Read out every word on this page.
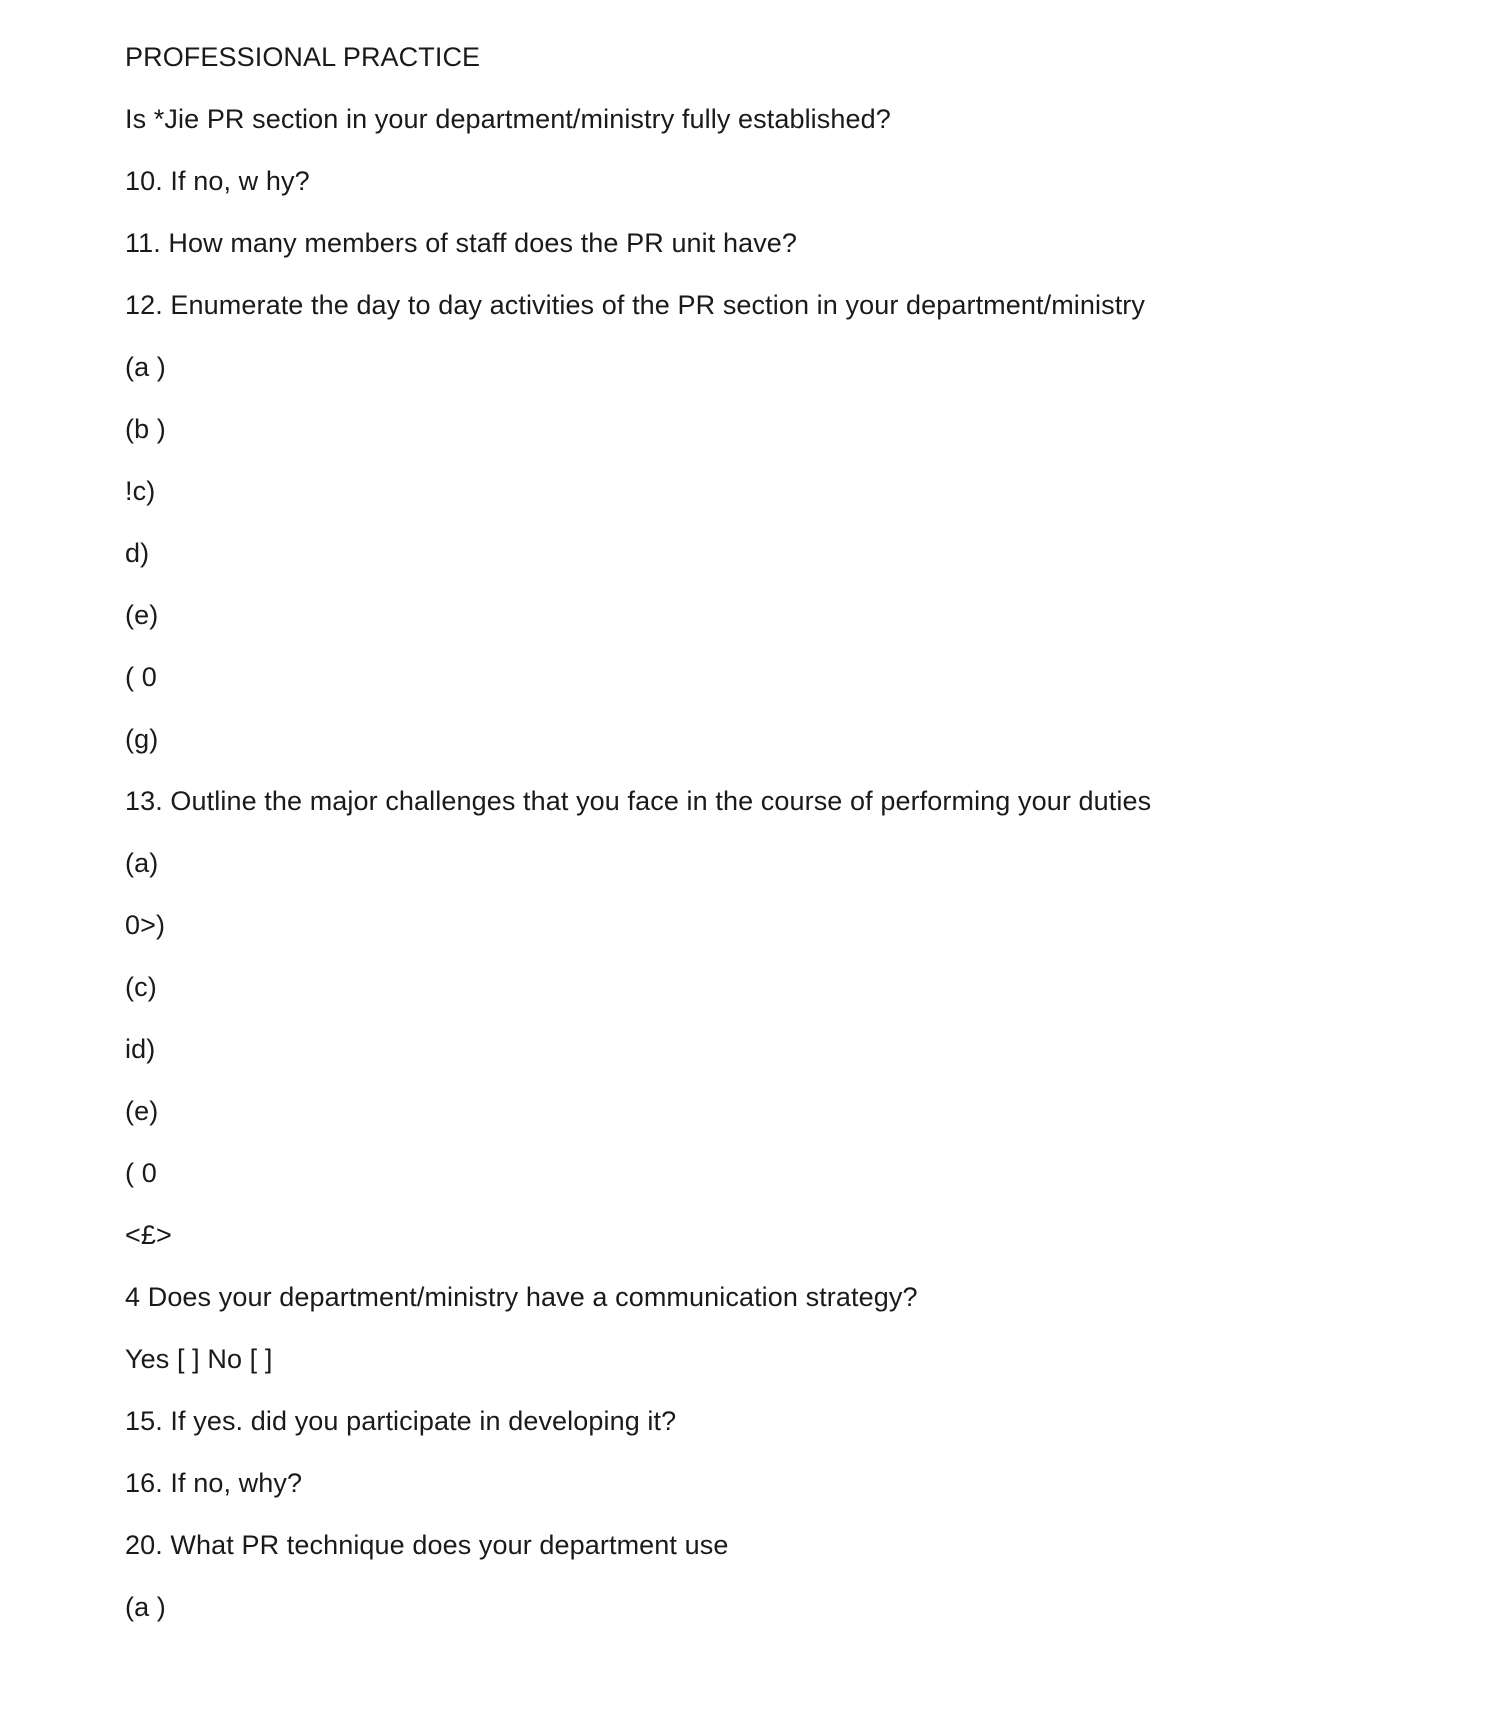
PROFESSIONAL PRACTICE
Is *Jie PR section in your department/ministry fully established?
10. If no, w hy?
11. How many members of staff does the PR unit have?
12. Enumerate the day to day activities of the PR section in your department/ministry
(a )
(b )
!c)
d)
(e)
( 0
(g)
13. Outline the major challenges that you face in the course of performing your duties
(a)
0>)
(c)
id)
(e)
( 0
<£>
4 Does your department/ministry have a communication strategy?
Yes [ ] No [ ]
15. If yes. did you participate in developing it?
16. If no, why?
20. What PR technique does your department use
(a )
